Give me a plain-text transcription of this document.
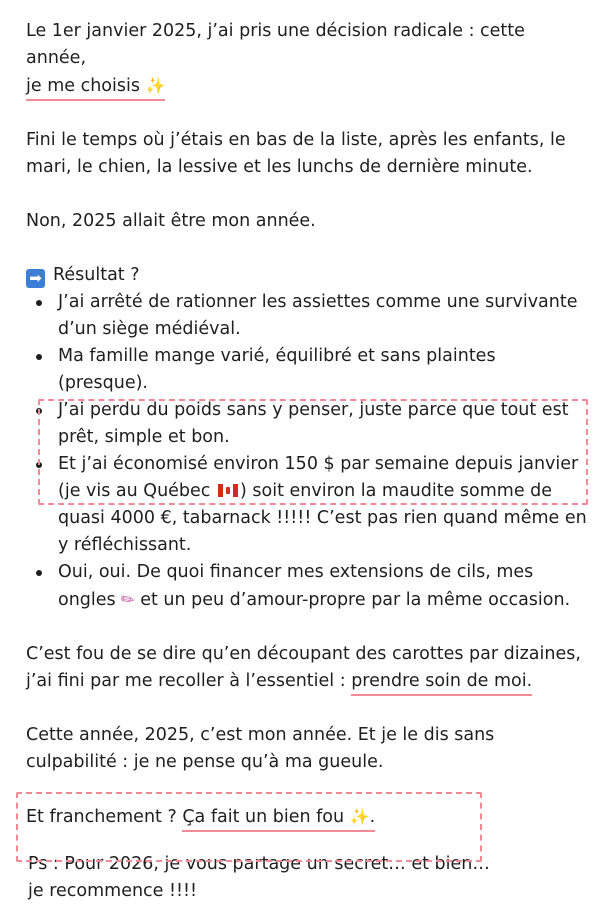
Le 1er janvier 2025, j’ai pris une décision radicale : cette année,
je me choisis ✨

Fini le temps où j’étais en bas de la liste, après les enfants, le mari, le chien, la lessive et les lunchs de dernière minute.

Non, 2025 allait être mon année.

➡ Résultat ?

J’ai arrêté de rationner les assiettes comme une survivante d’un siège médiéval.
Ma famille mange varié, équilibré et sans plaintes (presque).
J’ai perdu du poids sans y penser, juste parce que tout est prêt, simple et bon.
Et j’ai économisé environ 150 $ par semaine depuis janvier (je vis au Québec ) soit environ la maudite somme de quasi 4000 €, tabarnack !!!!! C’est pas rien quand même en y réfléchissant.
Oui, oui. De quoi financer mes extensions de cils, mes ongles ✎ et un peu d’amour-propre par la même occasion.

C’est fou de se dire qu’en découpant des carottes par dizaines, j’ai fini par me recoller à l’essentiel : prendre soin de moi.

Cette année, 2025, c’est mon année. Et je le dis sans culpabilité : je ne pense qu’à ma gueule.

Et franchement ? Ça fait un bien fou ✨.

Ps : Pour 2026, je vous partage un secret… et bien…
je recommence !!!!
